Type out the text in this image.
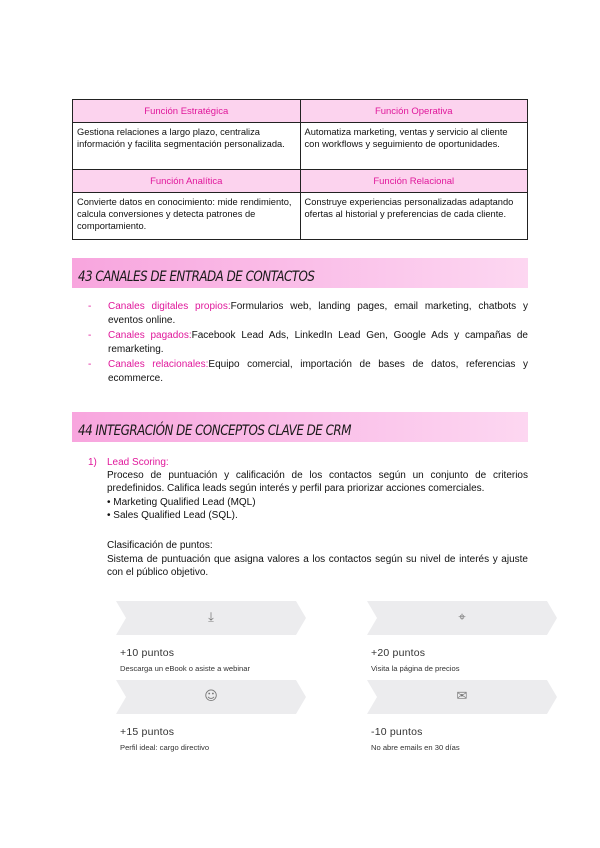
Función Estratégica	Función Operativa
Gestiona relaciones a largo plazo, centraliza información y facilita segmentación personalizada.	Automatiza marketing, ventas y servicio al cliente con workflows y seguimiento de oportunidades.
Función Analítica	Función Relacional
Convierte datos en conocimiento: mide rendimiento, calcula conversiones y detecta patrones de comportamiento.	Construye experiencias personalizadas adaptando ofertas al historial y preferencias de cada cliente.
43 CANALES DE ENTRADA DE CONTACTOS
- Canales digitales propios:Formularios web, landing pages, email marketing, chatbots y eventos online.
- Canales pagados:Facebook Lead Ads, LinkedIn Lead Gen, Google Ads y campañas de remarketing.
- Canales relacionales:Equipo comercial, importación de bases de datos, referencias y ecommerce.
44 INTEGRACIÓN DE CONCEPTOS CLAVE DE CRM
1) Lead Scoring:
Proceso de puntuación y calificación de los contactos según un conjunto de criterios predefinidos. Califica leads según interés y perfil para priorizar acciones comerciales.
• Marketing Qualified Lead (MQL)
• Sales Qualified Lead (SQL).
Clasificación de puntos:
Sistema de puntuación que asigna valores a los contactos según su nivel de interés y ajuste con el público objetivo.
⤓
+10 puntos
Descarga un eBook o asiste a webinar
⌖
+20 puntos
Visita la página de precios
☺
+15 puntos
Perfil ideal: cargo directivo
✉
-10 puntos
No abre emails en 30 días
